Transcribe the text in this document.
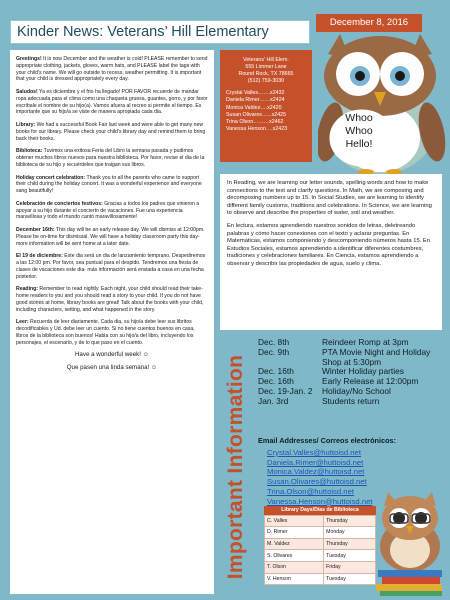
Kinder News: Veterans’ Hill Elementary
December 8, 2016

Greetings! It is now December and the weather is cold! PLEASE remember to send appropriate clothing, jackets, gloves, warm hats, and PLEASE label the tags with your child's name. We will go outside to recess, weather permitting. It is important that your child is dressed appropriately every day.

Saludos! Ya es diciembre y el frio ha llegado! POR FAVOR recuerde de mandar ropa adecuada para el clima como una chaqueta gruesa, guantes, gorro, y por favor escribale el nombre de su hijo(a). Vamos afuera al recreo si permite el tiempo. Es importante que su hijo/a se viste de manera apropiada cada dia.

Library: We had a successful Book Fair last week and were able to get many new books for our library. Please check your child's library day and remind them to bring back their books.

Biblioteca: Tuvimos una exitosa Feria del Libro la semana pasada y pudimos obtener muchos libros nuevos para nuestra biblioteca. Por favor, revise el dia de la biblioteca de su hijo y recuérdeles que traigan sus libros.

Holiday concert celebration: Thank you to all the parents who came to support their child during the holiday concert. It was a wonderful experience and everyone sang beautifully!

Celebración de conciertos festivos: Gracias a todos los padres que vinieron a apoyar a su hijo durante el concierto de vacaciones. Fue una experiencia maravillosa y todo el mundo cantó maravillosamente!

December 16th: This day will be an early release day. We will dismiss at 12:00pm. Please be on-time for dismissal. We will have a holiday classroom party this day- more information will be sent home at a later date.

El 19 de diciembre: Este dia será un dia de lanzamiento temprano. Despediremos a las 12:00 pm. Por favor, sea puntual para el despido. Tendremos una fiesta de clases de vacaciones este dia- más información será enviada a casa en una fecha posterior.

Reading: Remember to read nightly. Each night, your child should read their take-home readers to you and you should read a story to your child. If you do not have good stories at home, library books are great! Talk about the books with your child, including characters, setting, and what happened in the story.

Leer: Recuerda de leer diariamente. Cada dia, su hijo/a debe leer sus libritos decodificables y Ud. debe leer un cuento. Si no tiene cuentos buenos en casa, libros de la biblioteca son buenos! Habla con su hijo/a del libro, incluyendo los personajes, el escenario, y de lo que paso en el cuento.

Have a wonderful week! ☺
Que pasen una linda semana! ☺
Veterans' Hill Elem.
555 Limmer Lane
Round Rock, TX 78665
(512) 759-3030
Crystal Valles…….x2432
Daniela Rimer……x2424
Monica Valdez….x2420
Susan Olivares…...x2425
Trina Olson………x2462
Vanessa Henson….x2423
Whoo
Whoo
Hello!

In Reading, we are learning our letter sounds, spelling words and how to make connections to the text and clarify questions. In Math, we are composing and decomposing numbers up to 15. In Social Studies, we are learning to identify different family customs, traditions and celebrations. In Science, we are learning to observe and describe the properties of water, soil and weather.

En lectura, estamos aprendiendo nuestros sonidos de letras, deletreando palabras y cómo hacer conexiones con el texto y aclarar preguntas. En Matemáticas, estamos componiendo y descomponiendo números hasta 15. En Estudios Sociales, estamos aprendiendo a identificar diferentes costumbres, tradiciones y celebraciones familiares. En Ciencia, estamos aprendiendo a observar y describir las propiedades de agua, suelo y clima.

Important Information
Dec. 8th	Reindeer Romp at 3pm
Dec. 9th	PTA Movie Night and Holiday Shop at 5:30pm
Dec. 16th	Winter Holiday parties
Dec. 16th	Early Release at 12:00pm
Dec. 19-Jan. 2	Holiday/No School
Jan. 3rd	Students return
Email Addresses/ Correos electrónicos:
Crystal.Valles@huttoisd.net
Daniela.Rimer@huttoisd.net
Monica.Valdez@huttoisd.net
Susan.Olivares@huttoisd.net
Trina.Olson@huttoisd.net
Vanessa.Henson@huttoisd.net
Library Days/Días de Biblioteca
C. Valles	Thursday
D. Rimer	Monday
M. Valdez	Thursday
S. Olivares	Tuesday
T. Olson	Friday
V. Henson	Tuesday
